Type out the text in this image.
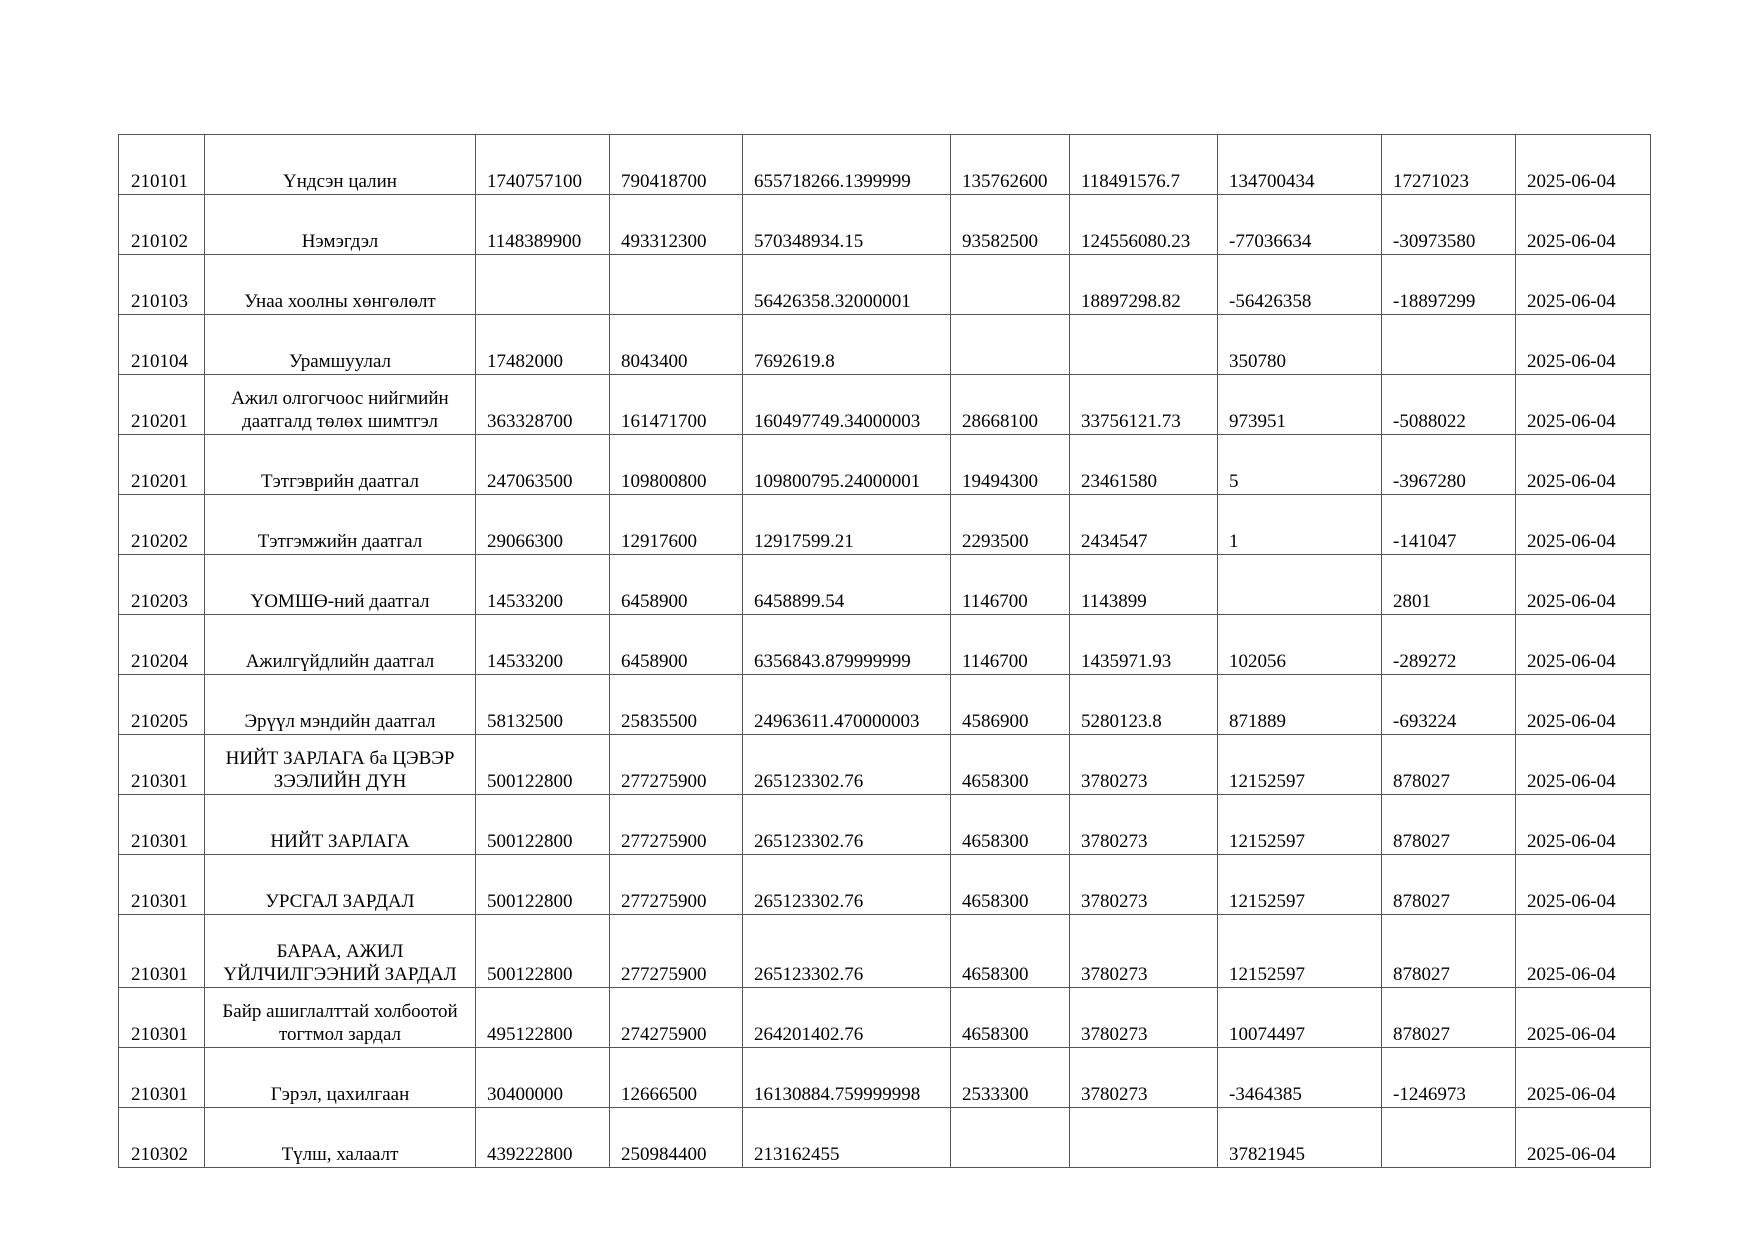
210101	Үндсэн цалин	1740757100	790418700	655718266.1399999	135762600	118491576.7	134700434	17271023	2025-06-04
210102	Нэмэгдэл	1148389900	493312300	570348934.15	93582500	124556080.23	-77036634	-30973580	2025-06-04
210103	Унаа хоолны хөнгөлөлт			56426358.32000001		18897298.82	-56426358	-18897299	2025-06-04
210104	Урамшуулал	17482000	8043400	7692619.8			350780		2025-06-04
210201	Ажил олгогчоос нийгмийн даатгалд төлөх шимтгэл	363328700	161471700	160497749.34000003	28668100	33756121.73	973951	-5088022	2025-06-04
210201	Тэтгэврийн даатгал	247063500	109800800	109800795.24000001	19494300	23461580	5	-3967280	2025-06-04
210202	Тэтгэмжийн даатгал	29066300	12917600	12917599.21	2293500	2434547	1	-141047	2025-06-04
210203	ҮОМШӨ-ний даатгал	14533200	6458900	6458899.54	1146700	1143899		2801	2025-06-04
210204	Ажилгүйдлийн даатгал	14533200	6458900	6356843.879999999	1146700	1435971.93	102056	-289272	2025-06-04
210205	Эрүүл мэндийн даатгал	58132500	25835500	24963611.470000003	4586900	5280123.8	871889	-693224	2025-06-04
210301	НИЙТ ЗАРЛАГА ба ЦЭВЭР ЗЭЭЛИЙН ДҮН	500122800	277275900	265123302.76	4658300	3780273	12152597	878027	2025-06-04
210301	НИЙТ ЗАРЛАГА	500122800	277275900	265123302.76	4658300	3780273	12152597	878027	2025-06-04
210301	УРСГАЛ ЗАРДАЛ	500122800	277275900	265123302.76	4658300	3780273	12152597	878027	2025-06-04
210301	БАРАА, АЖИЛ ҮЙЛЧИЛГЭЭНИЙ ЗАРДАЛ	500122800	277275900	265123302.76	4658300	3780273	12152597	878027	2025-06-04
210301	Байр ашиглалттай холбоотой тогтмол зардал	495122800	274275900	264201402.76	4658300	3780273	10074497	878027	2025-06-04
210301	Гэрэл, цахилгаан	30400000	12666500	16130884.759999998	2533300	3780273	-3464385	-1246973	2025-06-04
210302	Түлш, халаалт	439222800	250984400	213162455			37821945		2025-06-04
